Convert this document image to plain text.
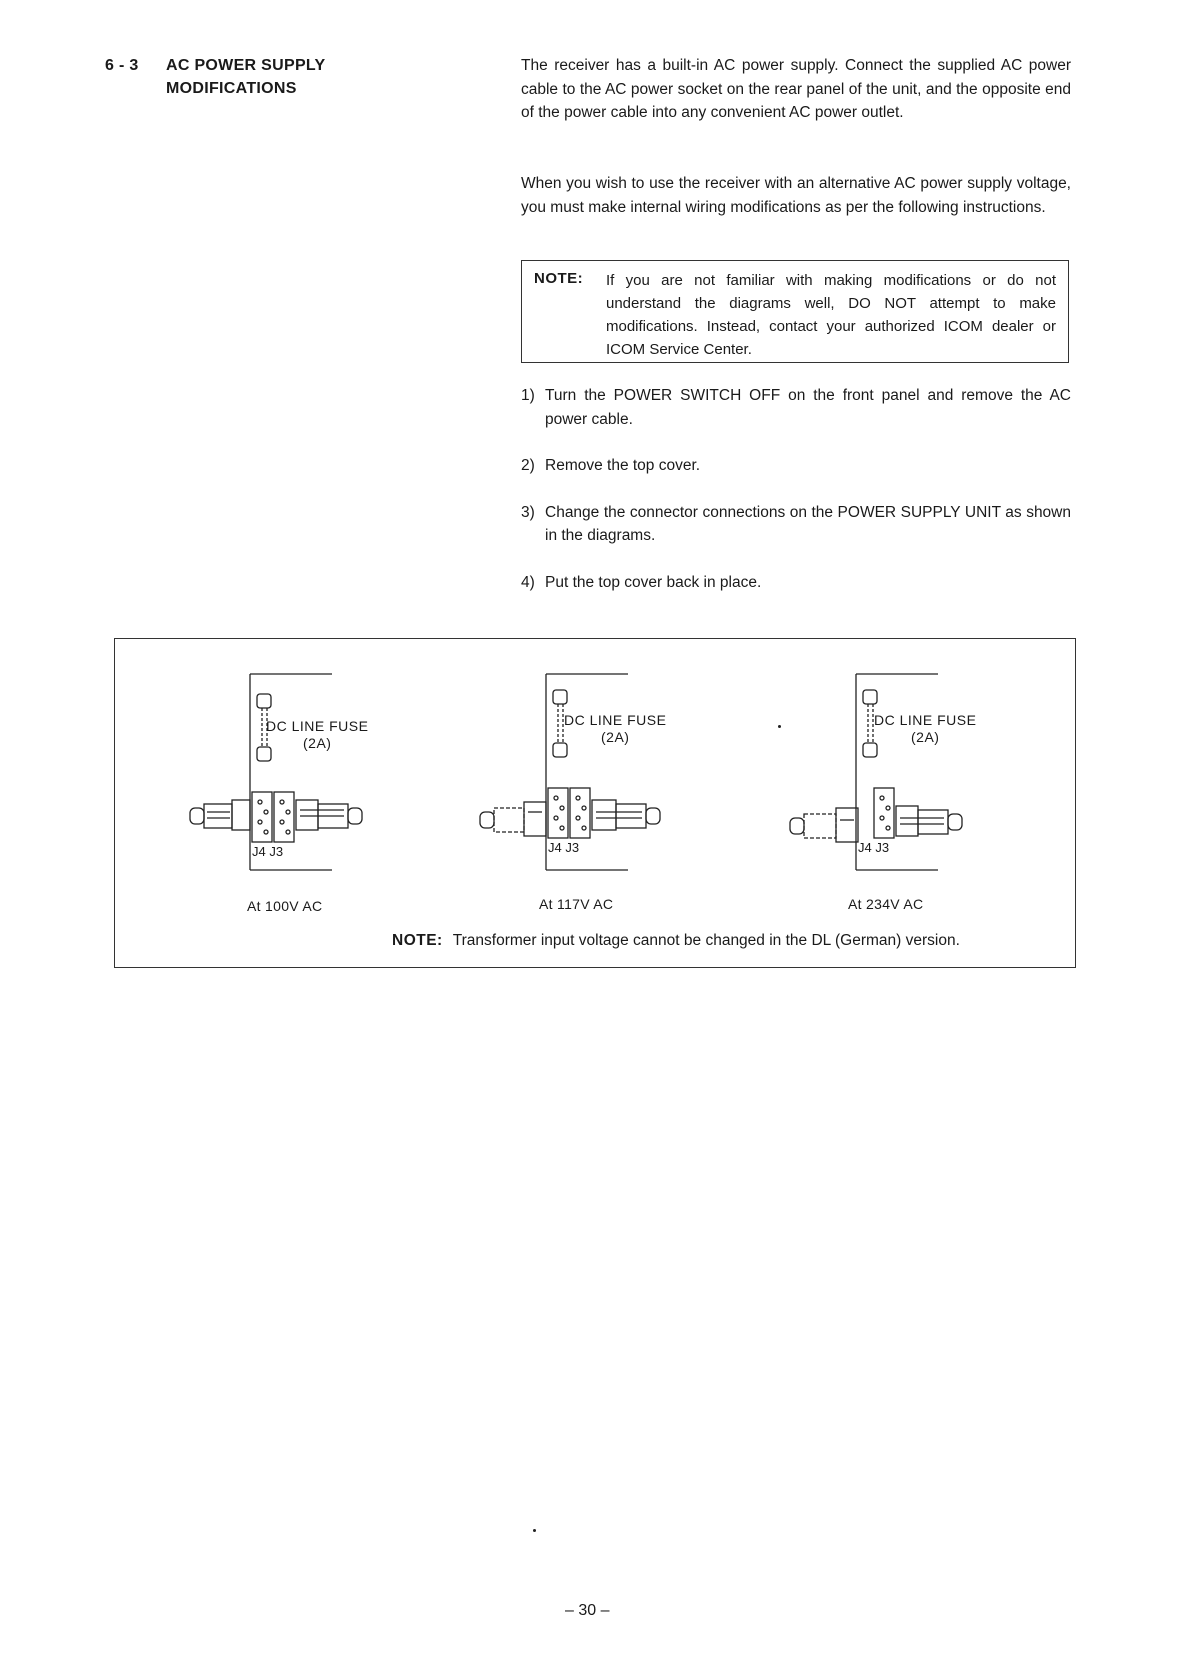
6 - 3 AC POWER SUPPLY
MODIFICATIONS
The receiver has a built-in AC power supply. Connect the supplied AC power cable to the AC power socket on the rear panel of the unit, and the opposite end of the power cable into any convenient AC power outlet.
When you wish to use the receiver with an alternative AC power supply voltage, you must make internal wiring modifications as per the following instructions.
NOTE: If you are not familiar with making modifications or do not understand the diagrams well, DO NOT attempt to make modifications. Instead, contact your authorized ICOM dealer or ICOM Service Center.
1) Turn the POWER SWITCH OFF on the front panel and remove the AC power cable.
2) Remove the top cover.
3) Change the connector connections on the POWER SUPPLY UNIT as shown in the diagrams.
4) Put the top cover back in place.
DC LINE FUSE
(2A)
J4 J3
DC LINE FUSE
(2A)
J4 J3
DC LINE FUSE
(2A)
J4 J3
At 100V AC	At 117V AC	At 234V AC
NOTE: Transformer input voltage cannot be changed in the DL (German) version.
– 30 –
